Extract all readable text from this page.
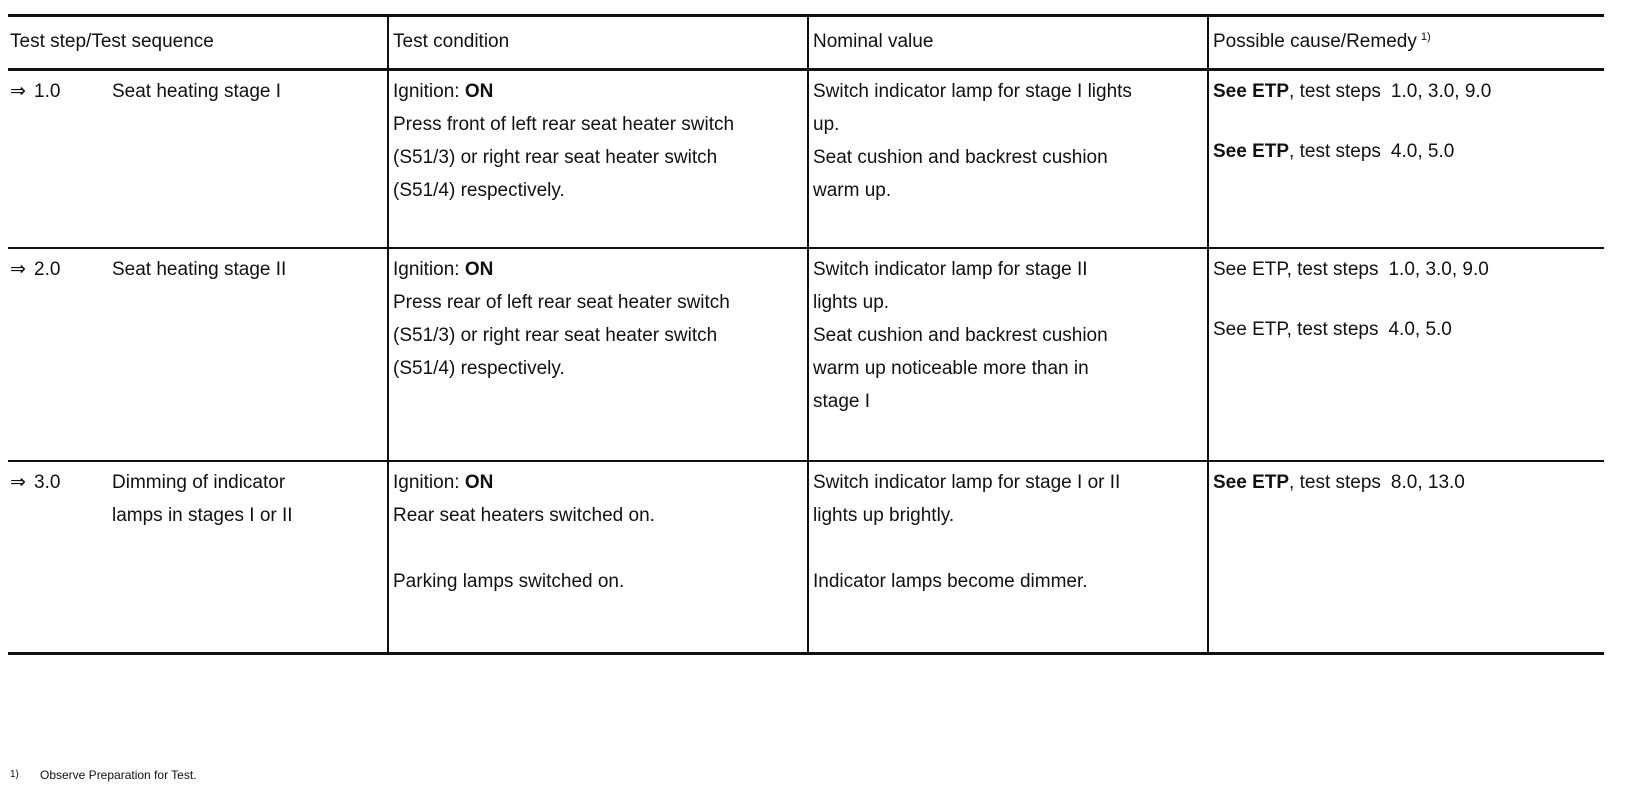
Test step/Test sequence	Test condition	Nominal value	Possible cause/Remedy $^{1)}$

⇒ 1.0 Seat heating stage I	Ignition: ON
Press front of left rear seat heater switch
(S51/3) or right rear seat heater switch
(S51/4) respectively.	Switch indicator lamp for stage I lights
up.
Seat cushion and backrest cushion
warm up.	See ETP, test steps 1.0, 3.0, 9.0
See ETP, test steps 4.0, 5.0

⇒ 2.0 Seat heating stage II	Ignition: ON
Press rear of left rear seat heater switch
(S51/3) or right rear seat heater switch
(S51/4) respectively.	Switch indicator lamp for stage II
lights up.
Seat cushion and backrest cushion
warm up noticeable more than in
stage I	See ETP, test steps 1.0, 3.0, 9.0
See ETP, test steps 4.0, 5.0

⇒ 3.0 Dimming of indicator
lamps in stages I or II	Ignition: ON
Rear seat heaters switched on.

Parking lamps switched on.	Switch indicator lamp for stage I or II
lights up brightly.

Indicator lamps become dimmer.	See ETP, test steps 8.0, 13.0
1)	Observe Preparation for Test.
